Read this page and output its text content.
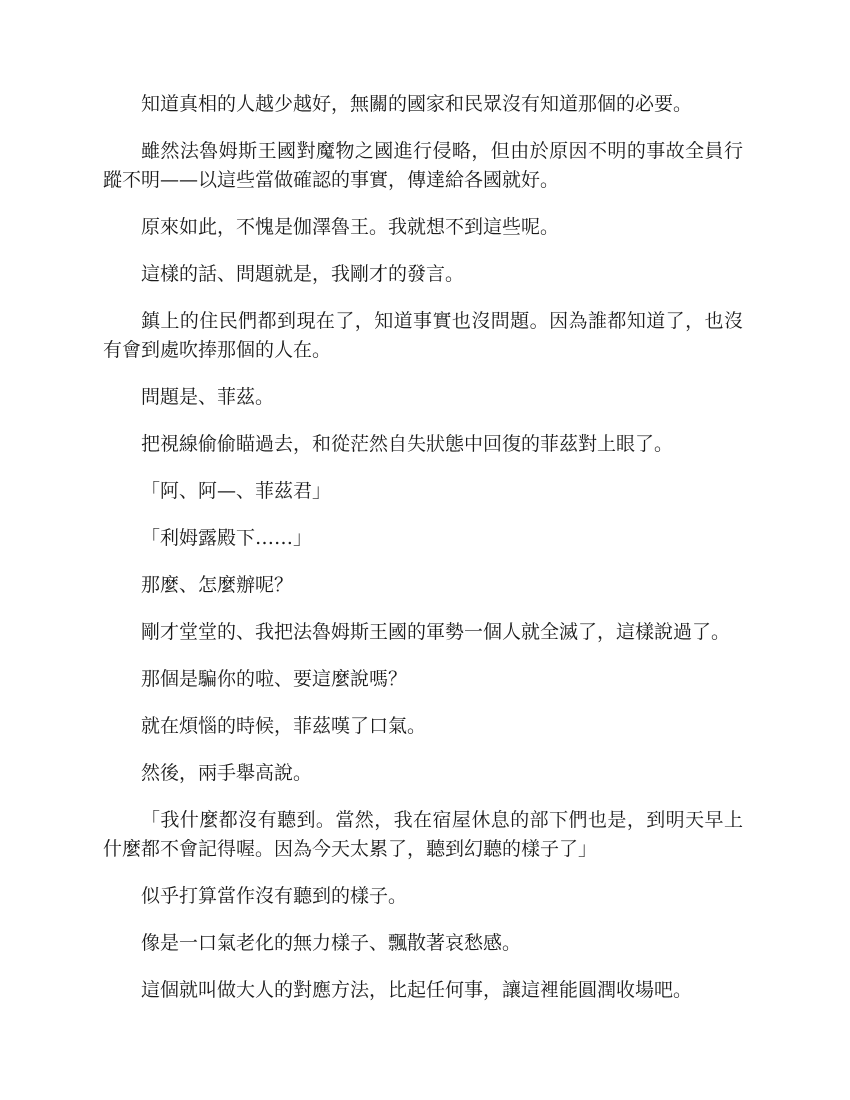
知道真相的人越少越好，無關的國家和民眾沒有知道那個的必要。

雖然法魯姆斯王國對魔物之國進行侵略，但由於原因不明的事故全員行蹤不明——以這些當做確認的事實，傳達給各國就好。

原來如此，不愧是伽澤魯王。我就想不到這些呢。

這樣的話、問題就是，我剛才的發言。

鎮上的住民們都到現在了，知道事實也沒問題。因為誰都知道了，也沒有會到處吹捧那個的人在。

問題是、菲茲。

把視線偷偷瞄過去，和從茫然自失狀態中回復的菲茲對上眼了。

「阿、阿—、菲茲君」

「利姆露殿下……」

那麼、怎麼辦呢？

剛才堂堂的、我把法魯姆斯王國的軍勢一個人就全滅了，這樣說過了。

那個是騙你的啦、要這麼說嗎？

就在煩惱的時候，菲茲嘆了口氣。

然後，兩手舉高說。

「我什麼都沒有聽到。當然，我在宿屋休息的部下們也是，到明天早上什麼都不會記得喔。因為今天太累了，聽到幻聽的樣子了」

似乎打算當作沒有聽到的樣子。

像是一口氣老化的無力樣子、飄散著哀愁感。

這個就叫做大人的對應方法，比起任何事，讓這裡能圓潤收場吧。
